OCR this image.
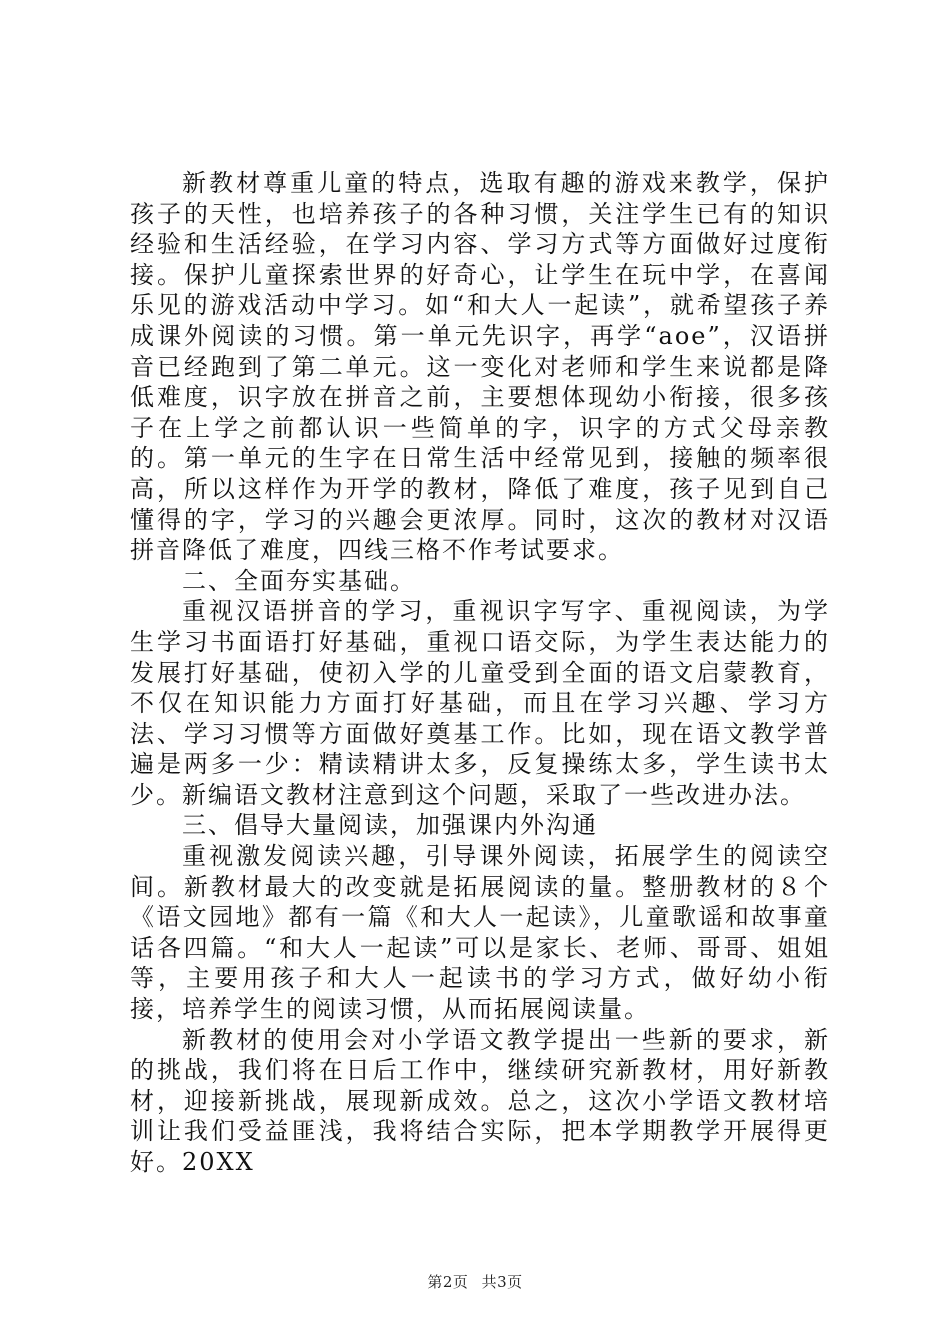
新教材尊重儿童的特点，选取有趣的游戏来教学，保护孩子的天性，也培养孩子的各种习惯，关注学生已有的知识经验和生活经验，在学习内容、学习方式等方面做好过度衔接。保护儿童探索世界的好奇心，让学生在玩中学，在喜闻乐见的游戏活动中学习。如“和大人一起读”，就希望孩子养成课外阅读的习惯。第一单元先识字，再学“aoe”，汉语拼音已经跑到了第二单元。这一变化对老师和学生来说都是降低难度，识字放在拼音之前，主要想体现幼小衔接，很多孩子在上学之前都认识一些简单的字，识字的方式父母亲教的。第一单元的生字在日常生活中经常见到，接触的频率很高，所以这样作为开学的教材，降低了难度，孩子见到自己懂得的字，学习的兴趣会更浓厚。同时，这次的教材对汉语拼音降低了难度，四线三格不作考试要求。

二、全面夯实基础。

重视汉语拼音的学习，重视识字写字、重视阅读，为学生学习书面语打好基础，重视口语交际，为学生表达能力的发展打好基础，使初入学的儿童受到全面的语文启蒙教育，不仅在知识能力方面打好基础，而且在学习兴趣、学习方法、学习习惯等方面做好奠基工作。比如，现在语文教学普遍是两多一少：精读精讲太多，反复操练太多，学生读书太少。新编语文教材注意到这个问题，采取了一些改进办法。

三、倡导大量阅读，加强课内外沟通

重视激发阅读兴趣，引导课外阅读，拓展学生的阅读空间。新教材最大的改变就是拓展阅读的量。整册教材的８个《语文园地》都有一篇《和大人一起读》，儿童歌谣和故事童话各四篇。“和大人一起读”可以是家长、老师、哥哥、姐姐等，主要用孩子和大人一起读书的学习方式，做好幼小衔接，培养学生的阅读习惯，从而拓展阅读量。

新教材的使用会对小学语文教学提出一些新的要求，新的挑战，我们将在日后工作中，继续研究新教材，用好新教材，迎接新挑战，展现新成效。总之，这次小学语文教材培训让我们受益匪浅，我将结合实际，把本学期教学开展得更好。20XX

第2页 共3页
